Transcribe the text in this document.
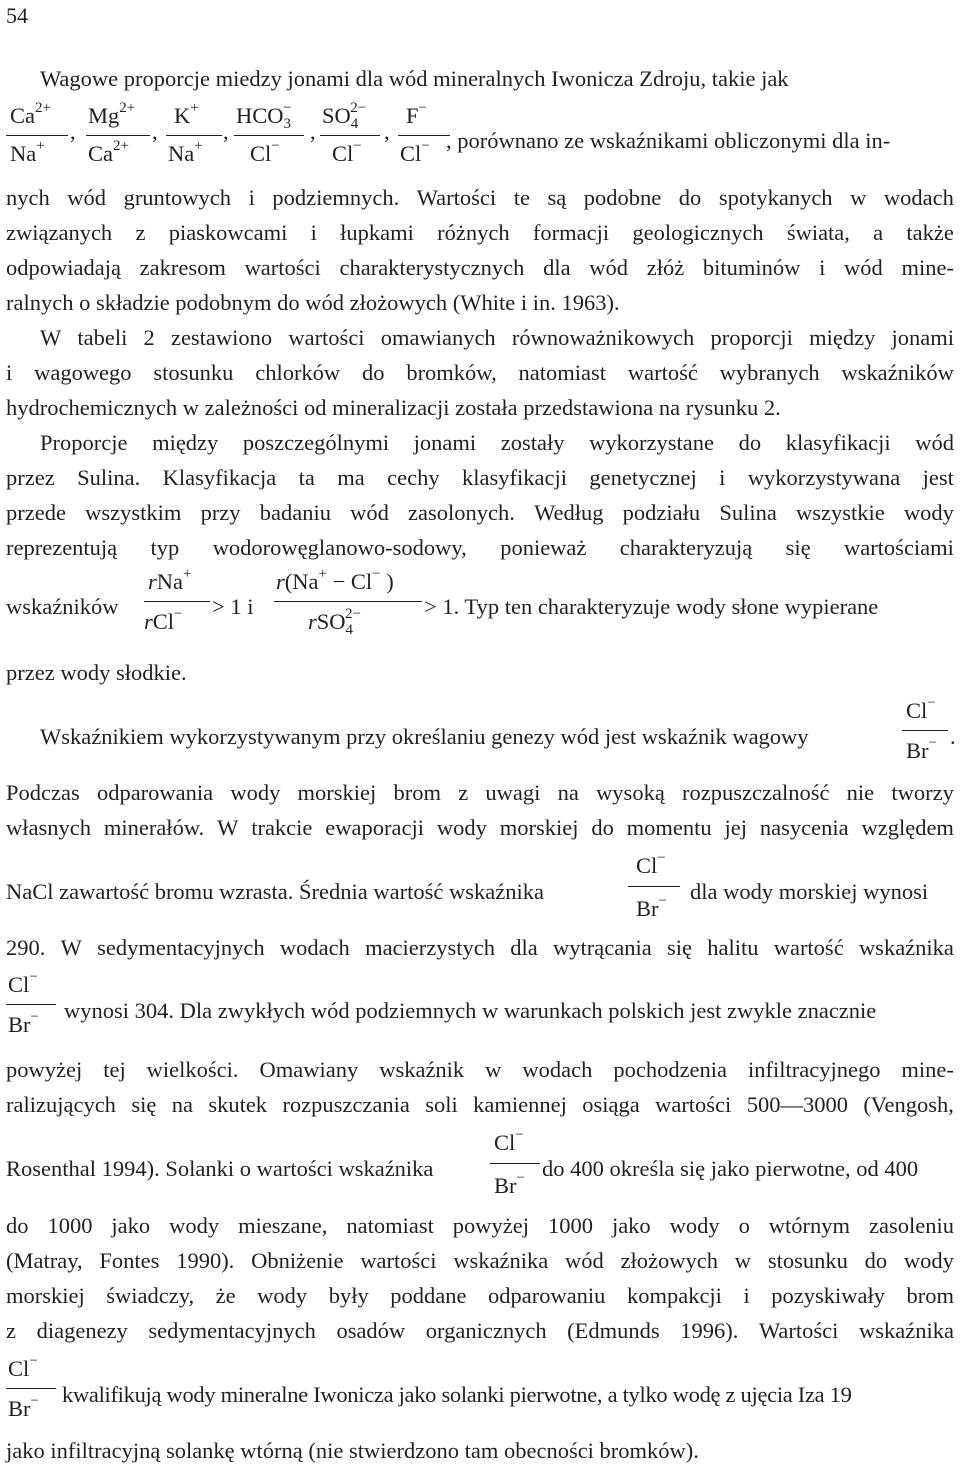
54
Wagowe proporcje miedzy jonami dla wód mineralnych Iwonicza Zdroju, takie jak
$Ca^{2+}$
Na+
,
$Mg^{2+}$
$Ca^{2+}$
,
K+
Na+
,
$HCO_3^-$
Cl−
,
$SO_4^{2-}$
Cl−
,
F−
Cl− , porównano ze wskaźnikami obliczonymi dla in-
nych wód gruntowych i podziemnych. Wartości te są podobne do spotykanych w wodach
związanych z piaskowcami i łupkami różnych formacji geologicznych świata, a także
odpowiadają zakresom wartości charakterystycznych dla wód złóż bituminów i wód mine-
ralnych o składzie podobnym do wód złożowych (White i in. 1963).
W tabeli 2 zestawiono wartości omawianych równoważnikowych proporcji między jonami
i wagowego stosunku chlorków do bromków, natomiast wartość wybranych wskaźników
hydrochemicznych w zależności od mineralizacji została przedstawiona na rysunku 2.
Proporcje między poszczególnymi jonami zostały wykorzystane do klasyfikacji wód
przez Sulina. Klasyfikacja ta ma cechy klasyfikacji genetycznej i wykorzystywana jest
przede wszystkim przy badaniu wód zasolonych. Według podziału Sulina wszystkie wody
reprezentują typ wodorowęglanowo-sodowy, ponieważ charakteryzują się wartościami
wskaźników
rNa+
rCl− > 1 i
r(Na+ − Cl− )
rSO$_4^{2-}$	> 1. Typ ten charakteryzuje wody słone wypierane
przez wody słodkie.
Wskaźnikiem wykorzystywanym przy określaniu genezy wód jest wskaźnik wagowy
Cl−
Br− .
Podczas odparowania wody morskiej brom z uwagi na wysoką rozpuszczalność nie tworzy
własnych minerałów. W trakcie ewaporacji wody morskiej do momentu jej nasycenia względem
NaCl zawartość bromu wzrasta. Średnia wartość wskaźnika
Cl−
Br− dla wody morskiej wynosi
290. W sedymentacyjnych wodach macierzystych dla wytrącania się halitu wartość wskaźnika
Cl−
Br− wynosi 304. Dla zwykłych wód podziemnych w warunkach polskich jest zwykle znacznie
powyżej tej wielkości. Omawiany wskaźnik w wodach pochodzenia infiltracyjnego mine-
ralizujących się na skutek rozpuszczania soli kamiennej osiąga wartości 500—3000 (Vengosh,
Rosenthal 1994). Solanki o wartości wskaźnika
Cl−
Br− do 400 określa się jako pierwotne, od 400
do 1000 jako wody mieszane, natomiast powyżej 1000 jako wody o wtórnym zasoleniu
(Matray, Fontes 1990). Obniżenie wartości wskaźnika wód złożowych w stosunku do wody
morskiej świadczy, że wody były poddane odparowaniu kompakcji i pozyskiwały brom
z diagenezy sedymentacyjnych osadów organicznych (Edmunds 1996). Wartości wskaźnika
Cl−
Br− kwalifikują wody mineralne Iwonicza jako solanki pierwotne, a tylko wodę z ujęcia Iza 19
jako infiltracyjną solankę wtórną (nie stwierdzono tam obecności bromków).
